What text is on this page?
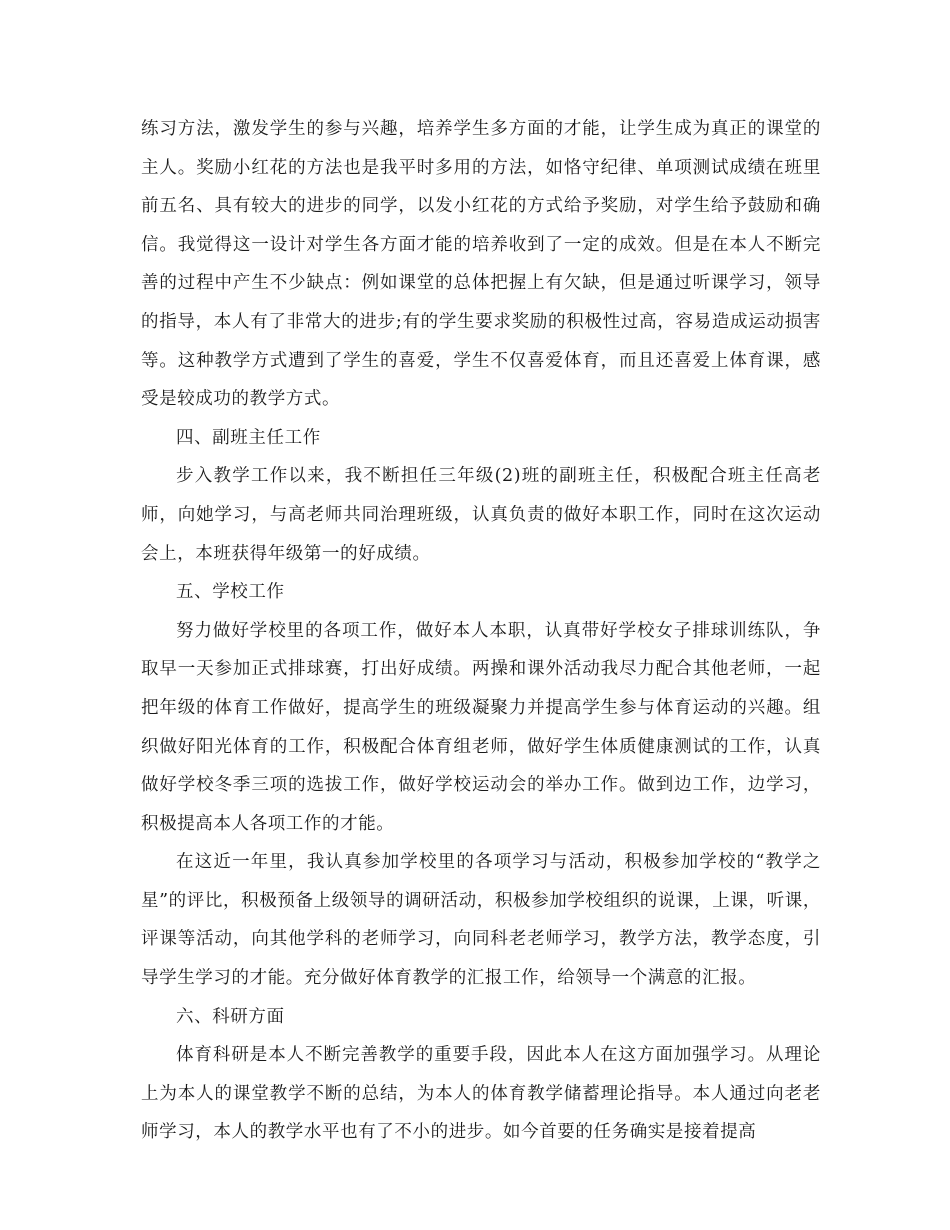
练习方法，激发学生的参与兴趣，培养学生多方面的才能，让学生成为真正的课堂的主人。奖励小红花的方法也是我平时多用的方法，如恪守纪律、单项测试成绩在班里前五名、具有较大的进步的同学，以发小红花的方式给予奖励，对学生给予鼓励和确信。我觉得这一设计对学生各方面才能的培养收到了一定的成效。但是在本人不断完善的过程中产生不少缺点：例如课堂的总体把握上有欠缺，但是通过听课学习，领导的指导，本人有了非常大的进步;有的学生要求奖励的积极性过高，容易造成运动损害等。这种教学方式遭到了学生的喜爱，学生不仅喜爱体育，而且还喜爱上体育课，感受是较成功的教学方式。

四、副班主任工作

步入教学工作以来，我不断担任三年级(2)班的副班主任，积极配合班主任高老师，向她学习，与高老师共同治理班级，认真负责的做好本职工作，同时在这次运动会上，本班获得年级第一的好成绩。

五、学校工作

努力做好学校里的各项工作，做好本人本职，认真带好学校女子排球训练队，争取早一天参加正式排球赛，打出好成绩。两操和课外活动我尽力配合其他老师，一起把年级的体育工作做好，提高学生的班级凝聚力并提高学生参与体育运动的兴趣。组织做好阳光体育的工作，积极配合体育组老师，做好学生体质健康测试的工作，认真做好学校冬季三项的选拔工作，做好学校运动会的举办工作。做到边工作，边学习，积极提高本人各项工作的才能。

在这近一年里，我认真参加学校里的各项学习与活动，积极参加学校的“教学之星”的评比，积极预备上级领导的调研活动，积极参加学校组织的说课，上课，听课，评课等活动，向其他学科的老师学习，向同科老老师学习，教学方法，教学态度，引导学生学习的才能。充分做好体育教学的汇报工作，给领导一个满意的汇报。

六、科研方面

体育科研是本人不断完善教学的重要手段，因此本人在这方面加强学习。从理论上为本人的课堂教学不断的总结，为本人的体育教学储蓄理论指导。本人通过向老老师学习，本人的教学水平也有了不小的进步。如今首要的任务确实是接着提高
